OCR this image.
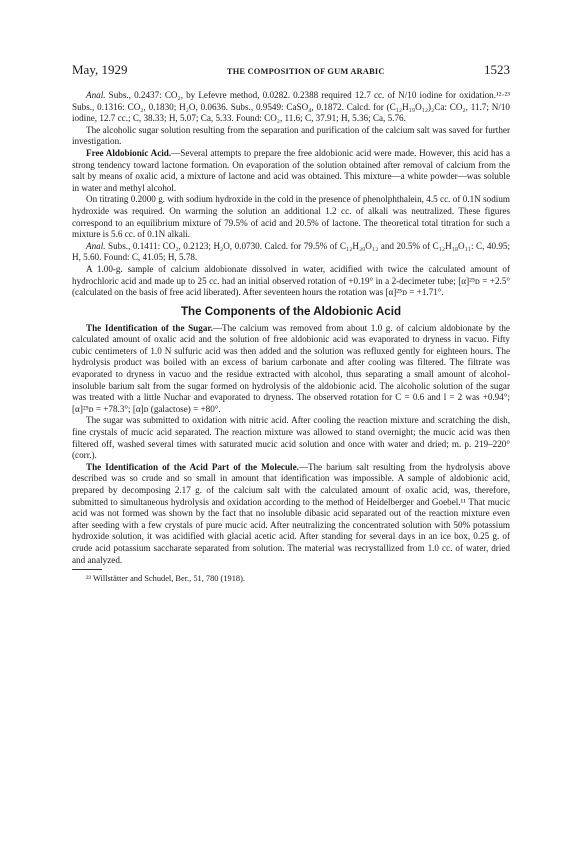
May, 1929	THE COMPOSITION OF GUM ARABIC	1523

Anal. Subs., 0.2437: CO₂, by Lefevre method, 0.0282. 0.2388 required 12.7 cc. of N/10 iodine for oxidation.¹²·²³ Subs., 0.1316: CO₂, 0.1830; H₂O, 0.0636. Subs., 0.9549: CaSO₄, 0.1872. Calcd. for (C₁₂H₁₉O₁₂)₂Ca: CO₂, 11.7; N/10 iodine, 12.7 cc.; C, 38.33; H, 5.07; Ca, 5.33. Found: CO₂, 11.6; C, 37.91; H, 5.36; Ca, 5.76.

The alcoholic sugar solution resulting from the separation and purification of the calcium salt was saved for further investigation.

Free Aldobionic Acid.—Several attempts to prepare the free aldobionic acid were made. However, this acid has a strong tendency toward lactone formation. On evaporation of the solution obtained after removal of calcium from the salt by means of oxalic acid, a mixture of lactone and acid was obtained. This mixture—a white powder—was soluble in water and methyl alcohol.

On titrating 0.2000 g. with sodium hydroxide in the cold in the presence of phenolphthalein, 4.5 cc. of 0.1N sodium hydroxide was required. On warming the solution an additional 1.2 cc. of alkali was neutralized. These figures correspond to an equilibrium mixture of 79.5% of acid and 20.5% of lactone. The theoretical total titration for such a mixture is 5.6 cc. of 0.1N alkali.

Anal. Subs., 0.1411: CO₂, 0.2123; H₂O, 0.0730. Calcd. for 79.5% of C₁₂H₂₀O₁₂ and 20.5% of C₁₂H₁₈O₁₁: C, 40.95; H, 5.60. Found: C, 41.05; H, 5.78.

A 1.00-g. sample of calcium aldobionate dissolved in water, acidified with twice the calculated amount of hydrochloric acid and made up to 25 cc. had an initial observed rotation of +0.19° in a 2-decimeter tube; [α]²⁵ᴅ = +2.5° (calculated on the basis of free acid liberated). After seventeen hours the rotation was [α]²⁵ᴅ = +1.71°.

The Components of the Aldobionic Acid

The Identification of the Sugar.—The calcium was removed from about 1.0 g. of calcium aldobionate by the calculated amount of oxalic acid and the solution of free aldobionic acid was evaporated to dryness in vacuo. Fifty cubic centimeters of 1.0 N sulfuric acid was then added and the solution was refluxed gently for eighteen hours. The hydrolysis product was boiled with an excess of barium carbonate and after cooling was filtered. The filtrate was evaporated to dryness in vacuo and the residue extracted with alcohol, thus separating a small amount of alcohol-insoluble barium salt from the sugar formed on hydrolysis of the aldobionic acid. The alcoholic solution of the sugar was treated with a little Nuchar and evaporated to dryness. The observed rotation for C = 0.6 and l = 2 was +0.94°; [α]²⁵ᴅ = +78.3°; [α]ᴅ (galactose) = +80°.

The sugar was submitted to oxidation with nitric acid. After cooling the reaction mixture and scratching the dish, fine crystals of mucic acid separated. The reaction mixture was allowed to stand overnight; the mucic acid was then filtered off, washed several times with saturated mucic acid solution and once with water and dried; m. p. 219–220° (corr.).

The Identification of the Acid Part of the Molecule.—The barium salt resulting from the hydrolysis above described was so crude and so small in amount that identification was impossible. A sample of aldobionic acid, prepared by decomposing 2.17 g. of the calcium salt with the calculated amount of oxalic acid, was, therefore, submitted to simultaneous hydrolysis and oxidation according to the method of Heidelberger and Goebel.¹¹ That mucic acid was not formed was shown by the fact that no insoluble dibasic acid separated out of the reaction mixture even after seeding with a few crystals of pure mucic acid. After neutralizing the concentrated solution with 50% potassium hydroxide solution, it was acidified with glacial acetic acid. After standing for several days in an ice box, 0.25 g. of crude acid potassium saccharate separated from solution. The material was recrystallized from 1.0 cc. of water, dried and analyzed.

²³ Willstätter and Schudel, Ber., 51, 780 (1918).
